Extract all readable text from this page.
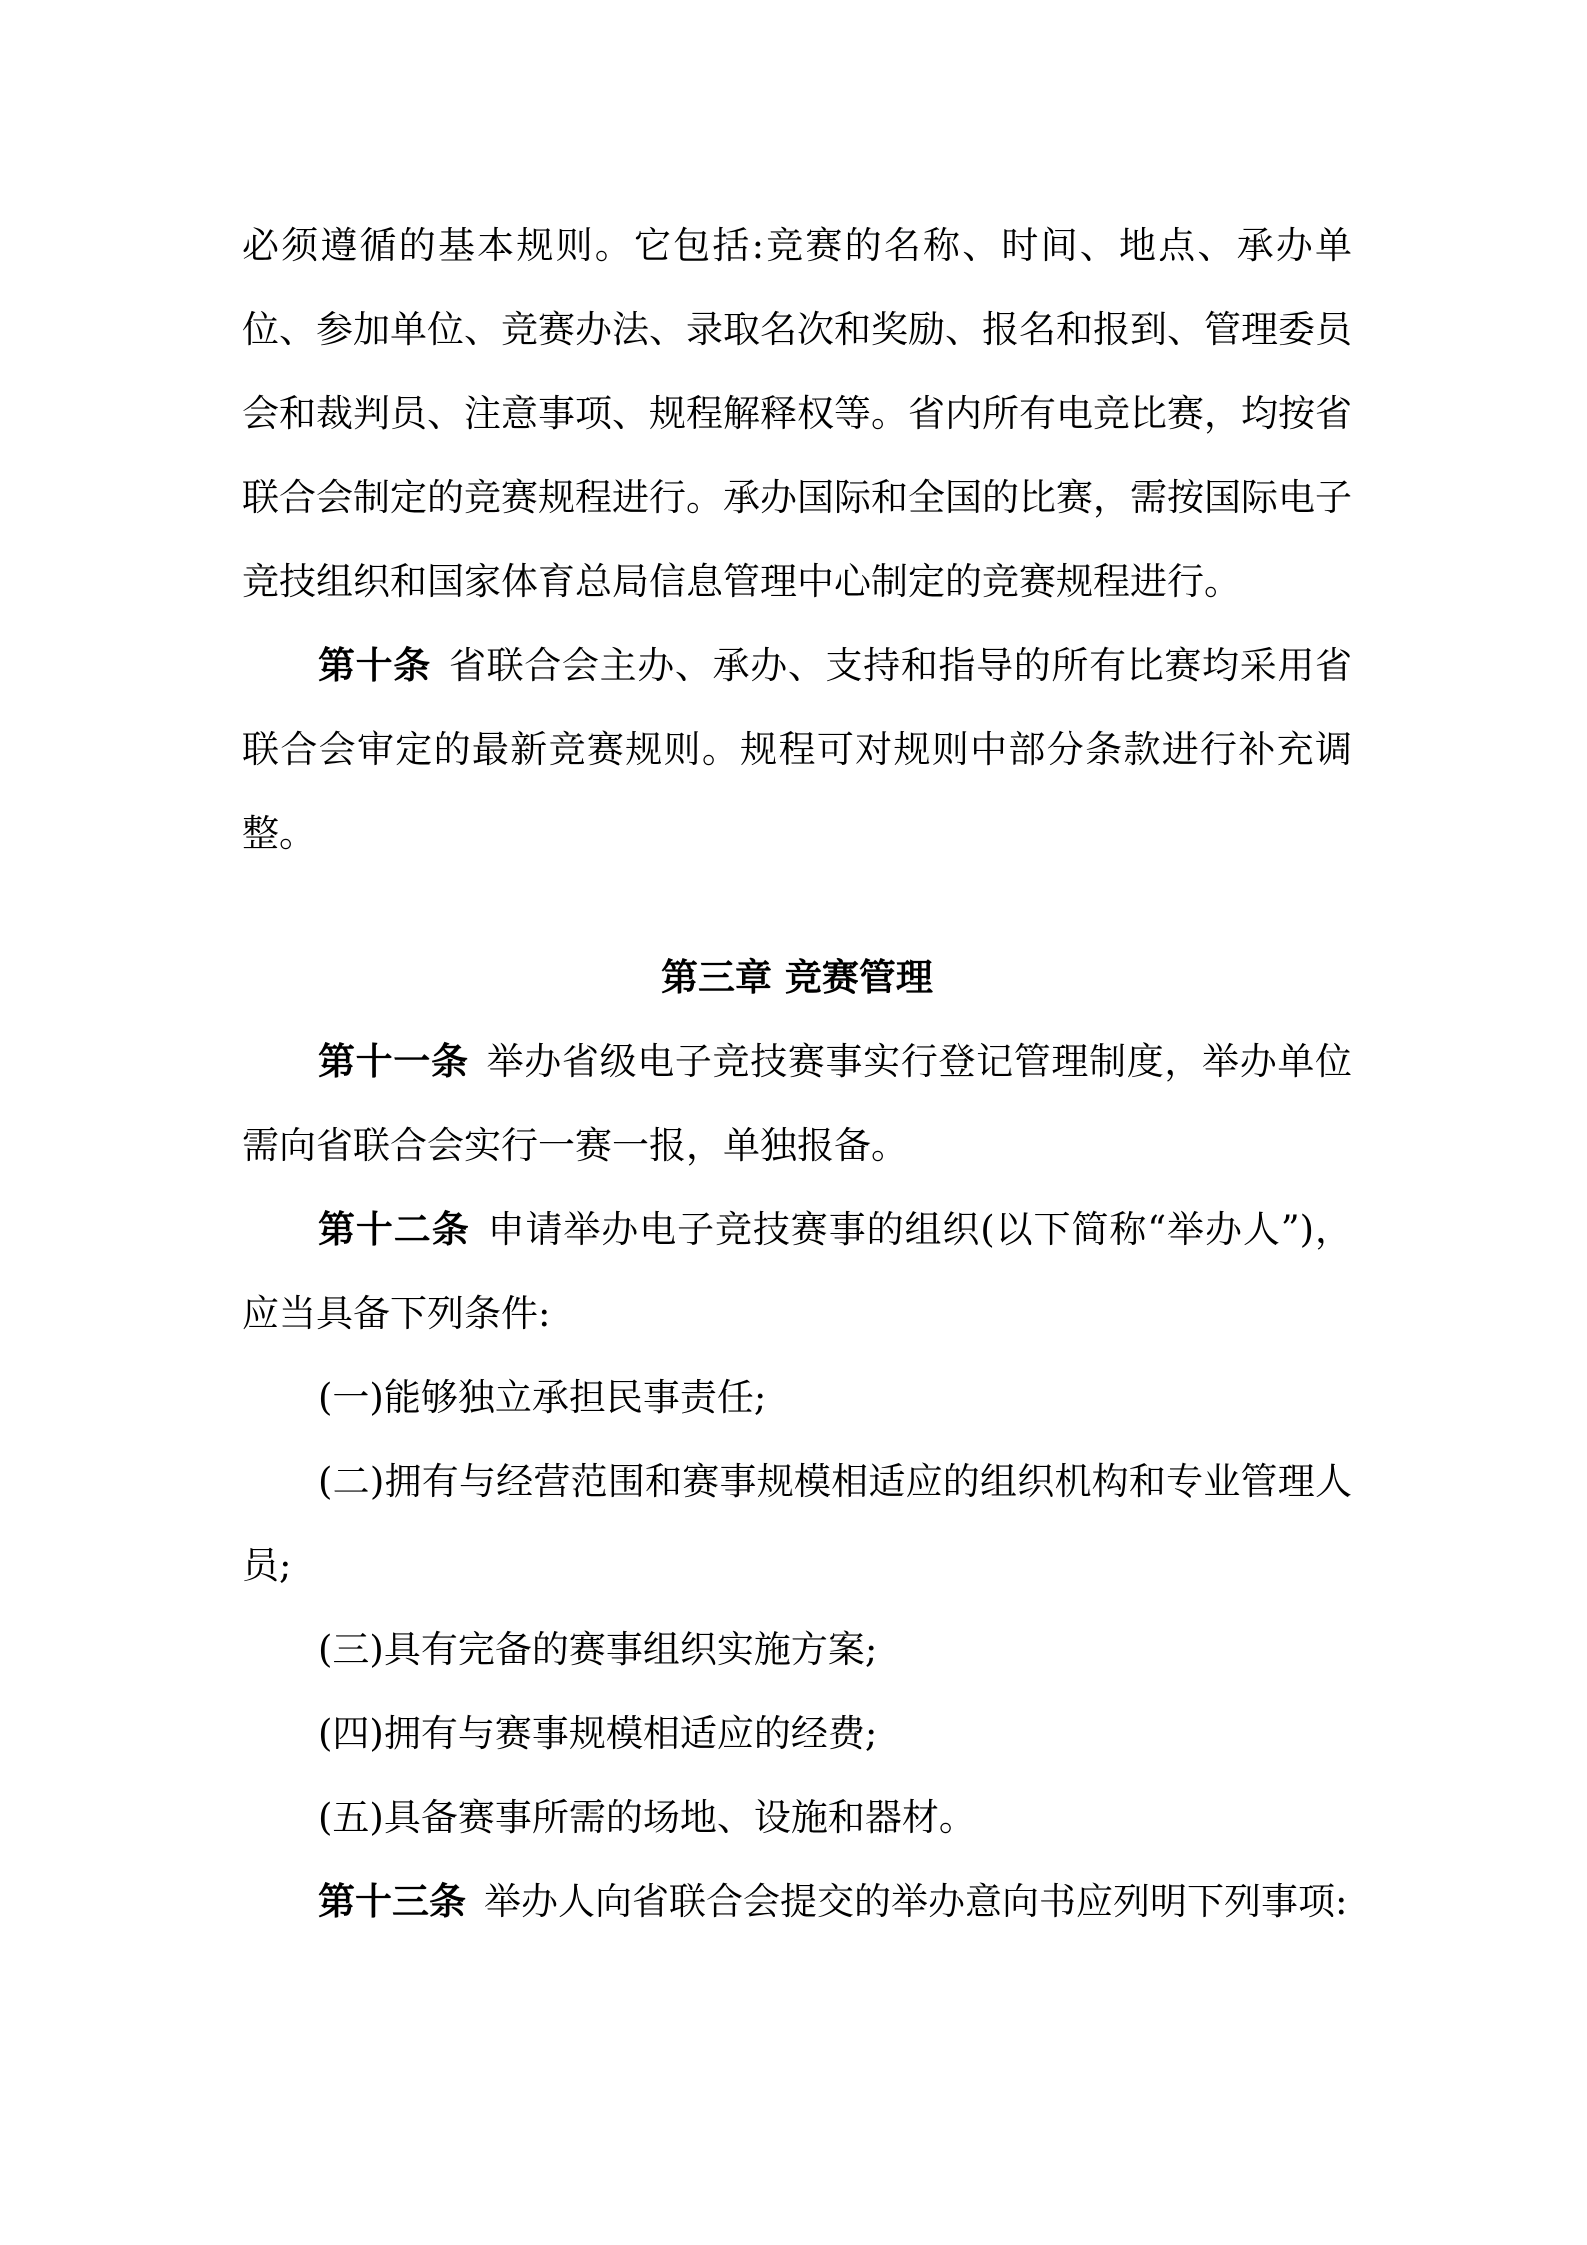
必须遵循的基本规则。它包括:竞赛的名称、时间、地点、承办单位、参加单位、竞赛办法、录取名次和奖励、报名和报到、管理委员会和裁判员、注意事项、规程解释权等。省内所有电竞比赛，均按省联合会制定的竞赛规程进行。承办国际和全国的比赛，需按国际电子竞技组织和国家体育总局信息管理中心制定的竞赛规程进行。

第十条 省联合会主办、承办、支持和指导的所有比赛均采用省联合会审定的最新竞赛规则。规程可对规则中部分条款进行补充调整。

第三章 竞赛管理

第十一条 举办省级电子竞技赛事实行登记管理制度，举办单位需向省联合会实行一赛一报，单独报备。

第十二条 申请举办电子竞技赛事的组织(以下简称“举办人”)，应当具备下列条件:

(一)能够独立承担民事责任;

(二)拥有与经营范围和赛事规模相适应的组织机构和专业管理人员;

(三)具有完备的赛事组织实施方案;

(四)拥有与赛事规模相适应的经费;

(五)具备赛事所需的场地、设施和器材。

第十三条 举办人向省联合会提交的举办意向书应列明下列事项:
